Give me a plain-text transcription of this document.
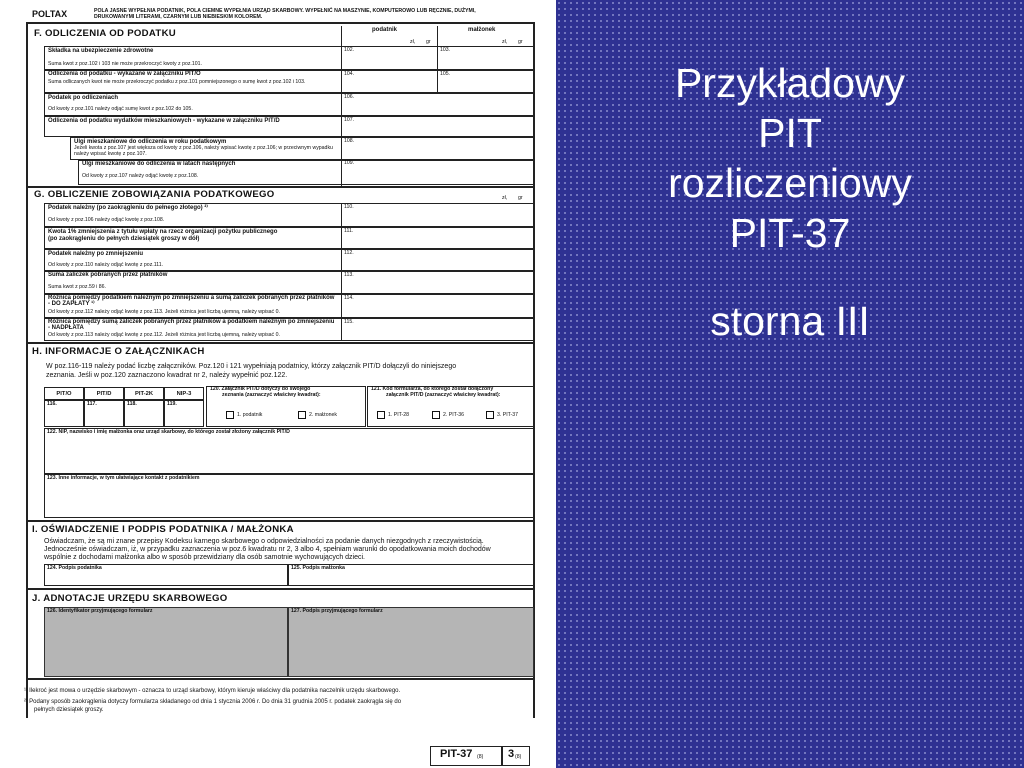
POLTAX	POLA JASNE WYPEŁNIA PODATNIK, POLA CIEMNE WYPEŁNIA URZĄD SKARBOWY. WYPEŁNIĆ NA MASZYNIE, KOMPUTEROWO LUB RĘCZNIE, DUŻYMI,
DRUKOWANYMI LITERAMI, CZARNYM LUB NIEBIESKIM KOLOREM.
F. ODLICZENIA OD PODATKU	podatnik	małżonek
zł, gr	zł, gr
Składka na ubezpieczenie zdrowotne
Suma kwot z poz.102 i 103 nie może przekroczyć kwoty z poz.101.
102.	103.
Odliczenia od podatku - wykazane w załączniku PIT/O
Suma odliczanych kwot nie może przekroczyć podatku z poz.101 pomniejszonego o sumę kwot z poz.102 i 103.
104.	105.
Podatek po odliczeniach
Od kwoty z poz.101 należy odjąć sumę kwot z poz.102 do 105.
106.
Odliczenia od podatku wydatków mieszkaniowych - wykazane w załączniku PIT/D	107.
Ulgi mieszkaniowe do odliczenia w roku podatkowym
Jeżeli kwota z poz.107 jest większa od kwoty z poz.106, należy wpisać kwotę z poz.106; w przeciwnym wypadku należy wpisać kwotę z poz.107.
108.
Ulgi mieszkaniowe do odliczenia w latach następnych
Od kwoty z poz.107 należy odjąć kwotę z poz.108.
109.
G. OBLICZENIE ZOBOWIĄZANIA PODATKOWEGO	zł, gr
Podatek należny (po zaokrągleniu do pełnego złotego) ²⁾
Od kwoty z poz.106 należy odjąć kwotę z poz.108.
110.
Kwota 1% zmniejszenia z tytułu wpłaty na rzecz organizacji pożytku publicznego
(po zaokrągleniu do pełnych dziesiątek groszy w dół)
111.
Podatek należny po zmniejszeniu
Od kwoty z poz.110 należy odjąć kwotę z poz.111.
112.
Suma zaliczek pobranych przez płatników
Suma kwot z poz.59 i 86.
113.
Różnica pomiędzy podatkiem należnym po zmniejszeniu a sumą zaliczek pobranych przez płatników - DO ZAPŁATY ¹⁾
Od kwoty z poz.112 należy odjąć kwotę z poz.113. Jeżeli różnica jest liczbą ujemną, należy wpisać 0.
114.
Różnica pomiędzy sumą zaliczek pobranych przez płatników a podatkiem należnym po zmniejszeniu - NADPŁATA
Od kwoty z poz.113 należy odjąć kwotę z poz.112. Jeżeli różnica jest liczbą ujemną, należy wpisać 0.
115.
H. INFORMACJE O ZAŁĄCZNIKACH
W poz.116-119 należy podać liczbę załączników. Poz.120 i 121 wypełniają podatnicy, którzy załącznik PIT/D dołączyli do niniejszego
zeznania. Jeśli w poz.120 zaznaczono kwadrat nr 2, należy wypełnić poz.122.
PIT/O	PIT/D	PIT-2K	NIP-3
116.	117.	118.	119.
120. Załącznik PIT/D dotyczy do swojego
zeznania (zaznaczyć właściwy kwadrat):
1. podatnik	2. małżonek
121. Kod formularza, do którego został dołączony
załącznik PIT/D (zaznaczyć właściwy kwadrat):
1. PIT-28	2. PIT-36	3. PIT-37
122. NIP, nazwisko i imię małżonka oraz urząd skarbowy, do którego został złożony załącznik PIT/D
123. Inne informacje, w tym ułatwiające kontakt z podatnikiem
I. OŚWIADCZENIE I PODPIS PODATNIKA / MAŁŻONKA
Oświadczam, że są mi znane przepisy Kodeksu karnego skarbowego o odpowiedzialności za podanie danych niezgodnych z rzeczywistością.
Jednocześnie oświadczam, iż, w przypadku zaznaczenia w poz.6 kwadratu nr 2, 3 albo 4, spełniam warunki do opodatkowania moich dochodów
wspólnie z dochodami małżonka albo w sposób przewidziany dla osób samotnie wychowujących dzieci.
124. Podpis podatnika	125. Podpis małżonka
J. ADNOTACJE URZĘDU SKARBOWEGO
126. Identyfikator przyjmującego formularz	127. Podpis przyjmującego formularz
¹⁾ Ilekroć jest mowa o urzędzie skarbowym - oznacza to urząd skarbowy, którym kieruje właściwy dla podatnika naczelnik urzędu skarbowego.
²⁾ Podany sposób zaokrąglenia dotyczy formularza składanego od dnia 1 stycznia 2006 r. Do dnia 31 grudnia 2005 r. podatek zaokrągla się do
pełnych dziesiątek groszy.
PIT-37 (8) 3 (8)
Przykładowy
PIT
rozliczeniowy
PIT-37
storna III
